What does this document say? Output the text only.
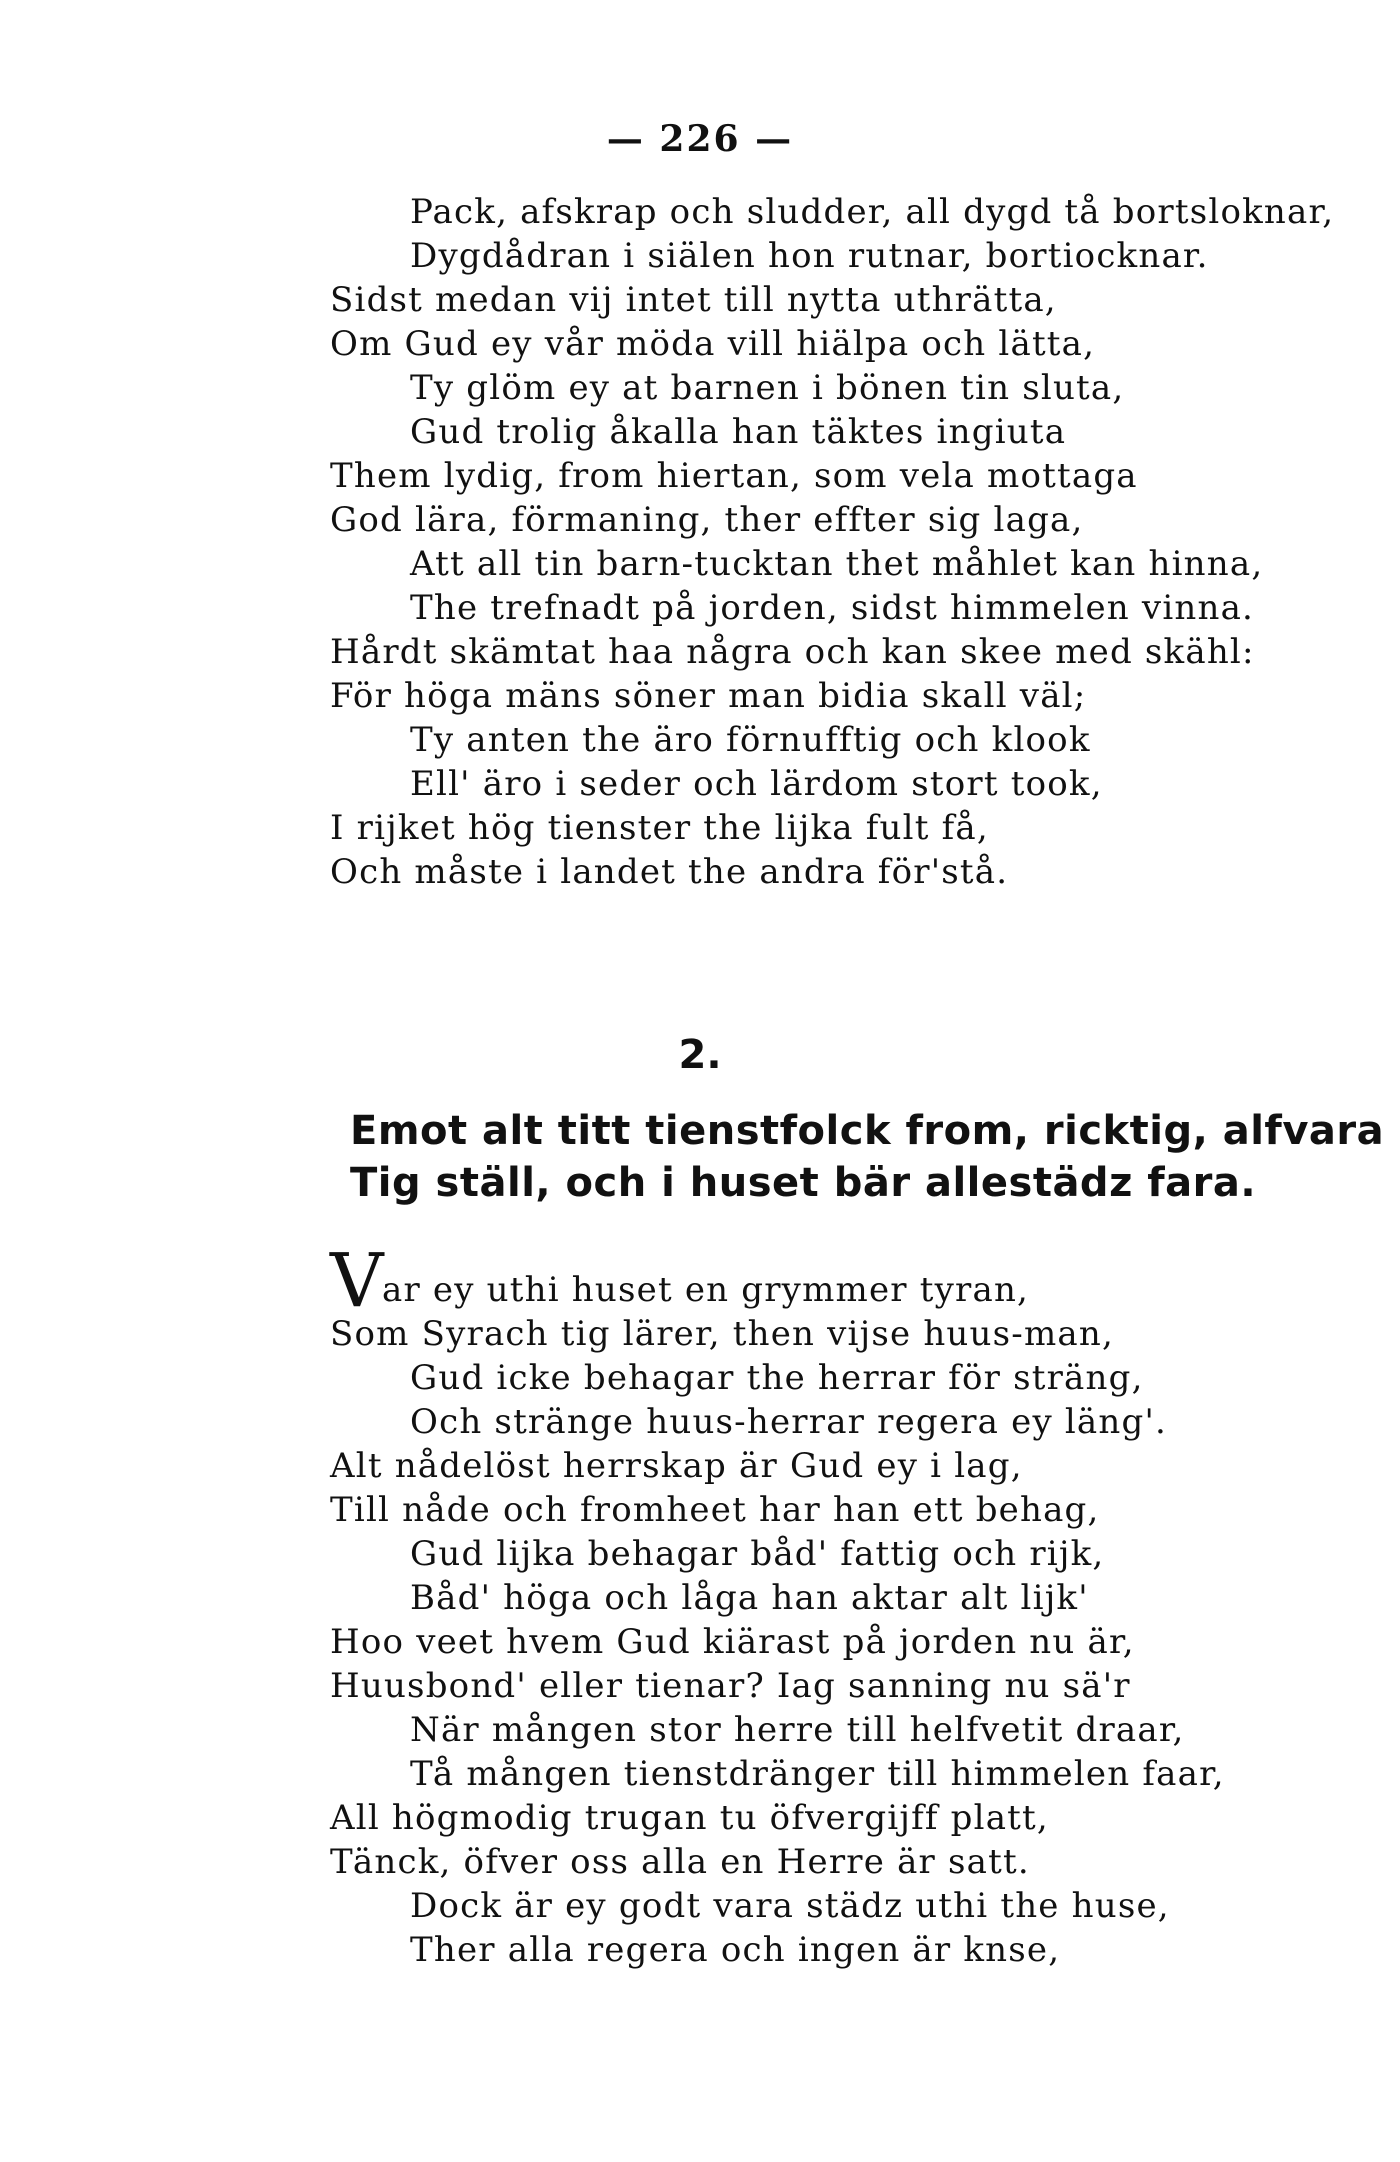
— 226 —
Pack, afskrap och sludder, all dygd tå bortsloknar,
Dygdådran i siälen hon rutnar, bortiocknar.
Sidst medan vij intet till nytta uthrätta,
Om Gud ey vår möda vill hiälpa och lätta,
Ty glöm ey at barnen i bönen tin sluta,
Gud trolig åkalla han täktes ingiuta
Them lydig, from hiertan, som vela mottaga
God lära, förmaning, ther effter sig laga,
Att all tin barn-tucktan thet måhlet kan hinna,
The trefnadt på jorden, sidst himmelen vinna.
Hårdt skämtat haa några och kan skee med skähl:
För höga mäns söner man bidia skall väl;
Ty anten the äro förnufftig och klook
Ell' äro i seder och lärdom stort took,
I rijket hög tienster the lijka fult få,
Och måste i landet the andra för'stå.
2.
Emot alt titt tienstfolck from, ricktig, alfvara
Tig ställ, och i huset bär allestädz fara.
V
ar ey uthi huset en grymmer tyran,
Som Syrach tig lärer, then vijse huus-man,
Gud icke behagar the herrar för sträng,
Och stränge huus-herrar regera ey läng'.
Alt nådelöst herrskap är Gud ey i lag,
Till nåde och fromheet har han ett behag,
Gud lijka behagar båd' fattig och rijk,
Båd' höga och låga han aktar alt lijk'
Hoo veet hvem Gud kiärast på jorden nu är,
Huusbond' eller tienar? Iag sanning nu sä'r
När mången stor herre till helfvetit draar,
Tå mången tienstdränger till himmelen faar,
All högmodig trugan tu öfvergijff platt,
Tänck, öfver oss alla en Herre är satt.
Dock är ey godt vara städz uthi the huse,
Ther alla regera och ingen är knse,
